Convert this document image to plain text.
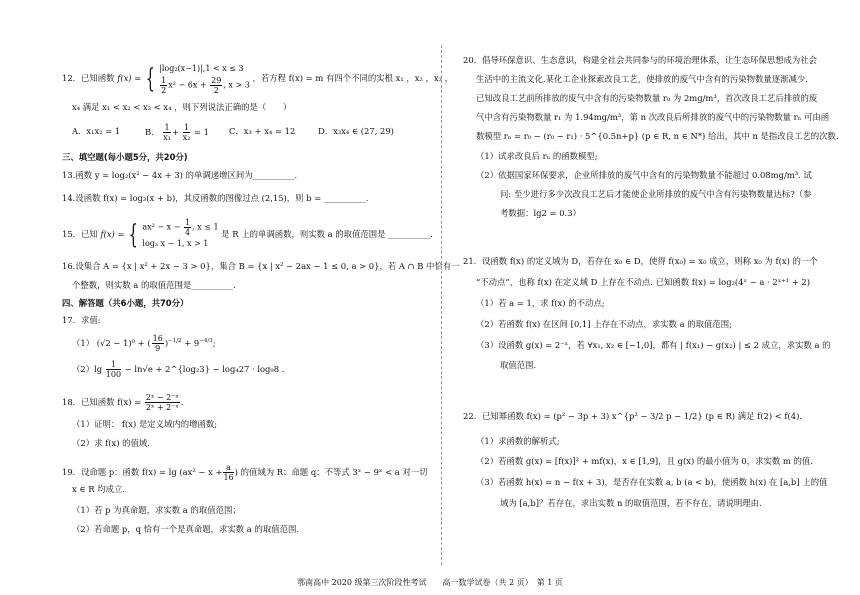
12．已知函数 f(x) = { |log₂(x−1)|,1 < x ≤ 3
$\frac{1}{2} x^2 - 6x + \frac{29}{2}$ , x > 3
，若方程 f(x) = m 有四个不同的实根 x₁ ，x₂ ，x₃ ，
x₄ 满足 x₁ < x₂ < x₃ < x₄ ，则下列说法正确的是（　　）
A．x₁x₂ = 1	B． $\frac{1}{\text{x₁}} + \frac{1}{\text{x₂}} = 1$ C．x₃ + x₄ = 12	D．x₃x₄ ∈ (27, 29)
三、填空题(每小题5分，共20分)
13.函数 y = log₂(x² − 4x + 3) 的单调递增区间为__________.
14.设函数 f(x) = log₃(x + b)，其反函数的图像过点 (2,15)，则 b = __________.
15．已知 f(x) = { $ax^2 - x - \frac{1}{4}$ , x ≤ 1
logₐ x − 1, x > 1
是 R 上的单调函数，则实数 a 的取值范围是 __________.
16.设集合 A = {x | x² + 2x − 3 > 0}，集合 B = {x | x² − 2ax − 1 ≤ 0, a > 0}，若 A ∩ B 中恰有一
个整数，则实数 a 的取值范围是__________.
四、解答题（共6小题，共70分）
17．求值:
（1） (√2 − 1)⁰ + ( $\frac{16}{9} )^{-1/2} + 9^{-4/3}$;
$(2)\lg \frac{1}{100} - \ln√e$ + 2^{log₂3} − log₄27 · log₉8 .
18．已知函数 $f(x) = \frac{\text{2ˣ − 2⁻ˣ}}{\text{2ˣ + 2⁻ˣ}}$ .
（1）证明： f(x) 是定义域内的增函数;
（2）求 f(x) 的值域.
19．设命题 p：函数 $f(x) = \lg (ax^2 - x + \frac{a}{16}$ ) 的值域为 R；命题 q：不等式 3ˣ − 9ˣ < a 对一切
x ∈ R 均成立.
（1）若 p 为真命题，求实数 a 的取值范围；
（2）若命题 p，q 恰有一个是真命题，求实数 a 的取值范围.
20．倡导环保意识、生态意识，构建全社会共同参与的环境治理体系，让生态环保思想成为社会
生活中的主流文化.某化工企业探索改良工艺，使排放的废气中含有的污染物数量逐渐减少.
已知改良工艺前所排放的废气中含有的污染物数量 r₀ 为 2mg/m³，首次改良工艺后排放的废
气中含有污染物数量 r₁ 为 1.94mg/m³，第 n 次改良后所排放的废气中的污染物数量 rₙ 可由函
数模型 rₙ = r₀ − (r₀ − r₁) · 5^{0.5n+p} (p ∈ R, n ∈ N*) 给出，其中 n 是指改良工艺的次数.
（1）试求改良后 rₙ 的函数模型;
（2）依据国家环保要求，企业所排放的废气中含有的污染物数量不能超过 0.08mg/m³. 试
问: 至少进行多少次改良工艺后才能使企业所排放的废气中含有污染物数量达标?（参
考数据：lg2 = 0.3）
21．设函数 f(x) 的定义域为 D，若存在 x₀ ∈ D，使得 f(x₀) = x₀ 成立，则称 x₀ 为 f(x) 的一个
“不动点”，也称 f(x) 在定义域 D 上存在不动点. 已知函数 f(x) = log₂(4ˣ − a · 2ˣ⁺¹ + 2)
（1）若 a = 1，求 f(x) 的不动点;
（2）若函数 f(x) 在区间 [0,1] 上存在不动点，求实数 a 的取值范围;
（3）设函数 g(x) = 2⁻ˣ，若 ∀x₁, x₂ ∈ [−1,0]，都有 | f(x₁) − g(x₂) | ≤ 2 成立，求实数 a 的
取值范围.
22．已知幂函数 f(x) = (p² − 3p + 3) x^{p² − 3/2 p − 1/2} (p ∈ R) 满足 f(2) < f(4).
（1）求函数的解析式;
（2）若函数 g(x) = [f(x)]² + mf(x)，x ∈ [1,9]，且 g(x) 的最小值为 0，求实数 m 的值.
（3）若函数 h(x) = n − f(x + 3)，是否存在实数 a, b (a < b)，使函数 h(x) 在 [a,b] 上的值
域为 [a,b]？若存在，求出实数 n 的取值范围，若不存在，请说明理由.
鄂南高中 2020 级第三次阶段性考试　　高一数学试卷（共 2 页）　第 1 页
